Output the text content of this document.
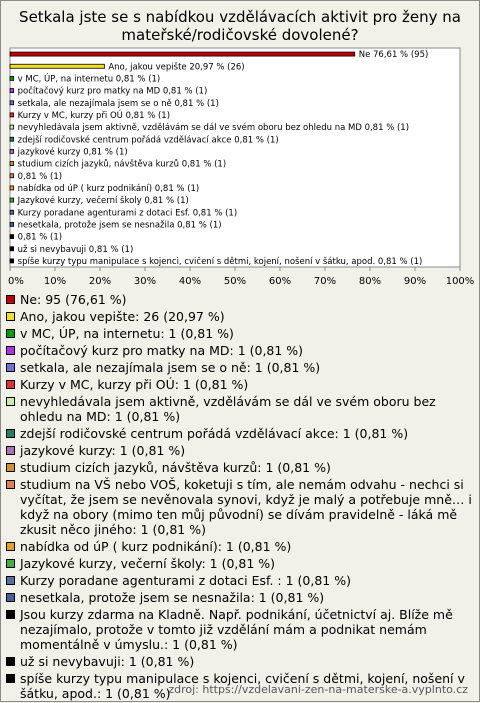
Setkala jste se s nabídkou vzdělávacích aktivit pro ženy na mateřské/rodičovské dovolené?
Ne 76,61 % (95)
Ano, jakou vepište 20,97 % (26)
v MC, ÚP, na internetu 0,81 % (1)
počítačový kurz pro matky na MD 0,81 % (1)
setkala, ale nezajímala jsem se o ně 0,81 % (1)
Kurzy v MC, kurzy při OÚ 0,81 % (1)
nevyhledávala jsem aktivně, vzdělávám se dál ve svém oboru bez ohledu na MD 0,81 % (1)
zdejší rodičovské centrum pořádá vzdělávací akce 0,81 % (1)
jazykové kurzy 0,81 % (1)
studium cizích jazyků, návštěva kurzů 0,81 % (1)
0,81 % (1)
nabídka od úP ( kurz podnikání) 0,81 % (1)
Jazykové kurzy, večerní školy 0,81 % (1)
Kurzy poradane agenturami z dotaci Esf. 0,81 % (1)
nesetkala, protože jsem se nesnažila 0,81 % (1)
0,81 % (1)
už si nevybavuji 0,81 % (1)
spíše kurzy typu manipulace s kojenci, cvičení s dětmi, kojení, nošení v šátku, apod. 0,81 % (1)
0% 10% 20% 30% 40% 50% 60% 70% 80% 90% 100%
Ne: 95 (76,61 %)
Ano, jakou vepište: 26 (20,97 %)
v MC, ÚP, na internetu: 1 (0,81 %)
počítačový kurz pro matky na MD: 1 (0,81 %)
setkala, ale nezajímala jsem se o ně: 1 (0,81 %)
Kurzy v MC, kurzy při OÚ: 1 (0,81 %)
nevyhledávala jsem aktivně, vzdělávám se dál ve svém oboru bez ohledu na MD: 1 (0,81 %)
zdejší rodičovské centrum pořádá vzdělávací akce: 1 (0,81 %)
jazykové kurzy: 1 (0,81 %)
studium cizích jazyků, návštěva kurzů: 1 (0,81 %)
studium na VŠ nebo VOŠ, koketuji s tím, ale nemám odvahu - nechci si vyčítat, že jsem se nevěnovala synovi, když je malý a potřebuje mně… i když na obory (mimo ten můj původní) se dívám pravidelně - láká mě zkusit něco jiného: 1 (0,81 %)
nabídka od úP ( kurz podnikání): 1 (0,81 %)
Jazykové kurzy, večerní školy: 1 (0,81 %)
Kurzy poradane agenturami z dotaci Esf. : 1 (0,81 %)
nesetkala, protože jsem se nesnažila: 1 (0,81 %)
Jsou kurzy zdarma na Kladně. Např. podnikání, účetnictví aj. Blíže mě nezajímalo, protože v tomto již vzdělání mám a podnikat nemám momentálně v úmyslu.: 1 (0,81 %)
už si nevybavuji: 1 (0,81 %)
spíše kurzy typu manipulace s kojenci, cvičení s dětmi, kojení, nošení v šátku, apod.: 1 (0,81 %)
zdroj: https://vzdelavani-zen-na-materske-a.vyplnto.cz
